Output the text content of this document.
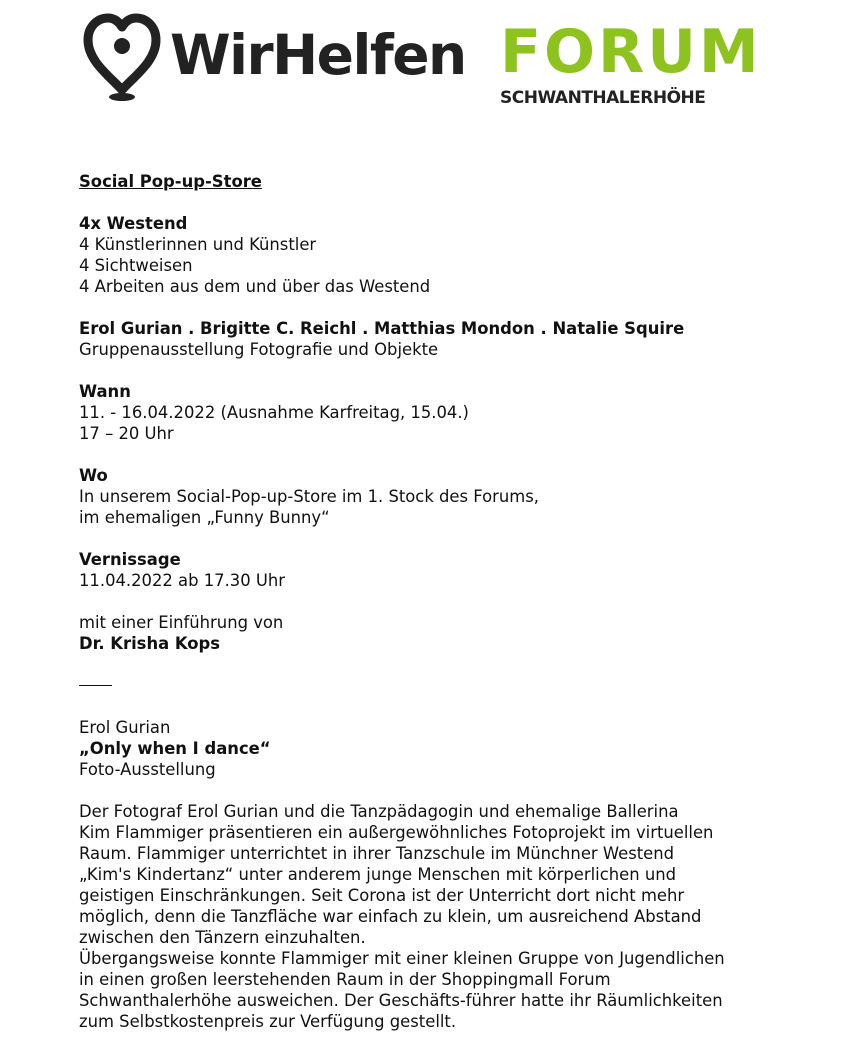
WirHelfen FORUM
SCHWANTHALERHÖHE

Social Pop-up-Store

4x Westend

4 Künstlerinnen und Künstler

4 Sichtweisen

4 Arbeiten aus dem und über das Westend

Erol Gurian . Brigitte C. Reichl . Matthias Mondon . Natalie Squire

Gruppenausstellung Fotografie und Objekte

Wann

11. - 16.04.2022 (Ausnahme Karfreitag, 15.04.)

17 – 20 Uhr

Wo

In unserem Social-Pop-up-Store im 1. Stock des Forums,

im ehemaligen „Funny Bunny“

Vernissage

11.04.2022 ab 17.30 Uhr

mit einer Einführung von

Dr. Krisha Kops

Erol Gurian

„Only when I dance“

Foto-Ausstellung

Der Fotograf Erol Gurian und die Tanzpädagogin und ehemalige Ballerina

Kim Flammiger präsentieren ein außergewöhnliches Fotoprojekt im virtuellen

Raum. Flammiger unterrichtet in ihrer Tanzschule im Münchner Westend

„Kim's Kindertanz“ unter anderem junge Menschen mit körperlichen und

geistigen Einschränkungen. Seit Corona ist der Unterricht dort nicht mehr

möglich, denn die Tanzfläche war einfach zu klein, um ausreichend Abstand

zwischen den Tänzern einzuhalten.

Übergangsweise konnte Flammiger mit einer kleinen Gruppe von Jugendlichen

in einen großen leerstehenden Raum in der Shoppingmall Forum

Schwanthalerhöhe ausweichen. Der Geschäfts-führer hatte ihr Räumlichkeiten

zum Selbstkostenpreis zur Verfügung gestellt.
